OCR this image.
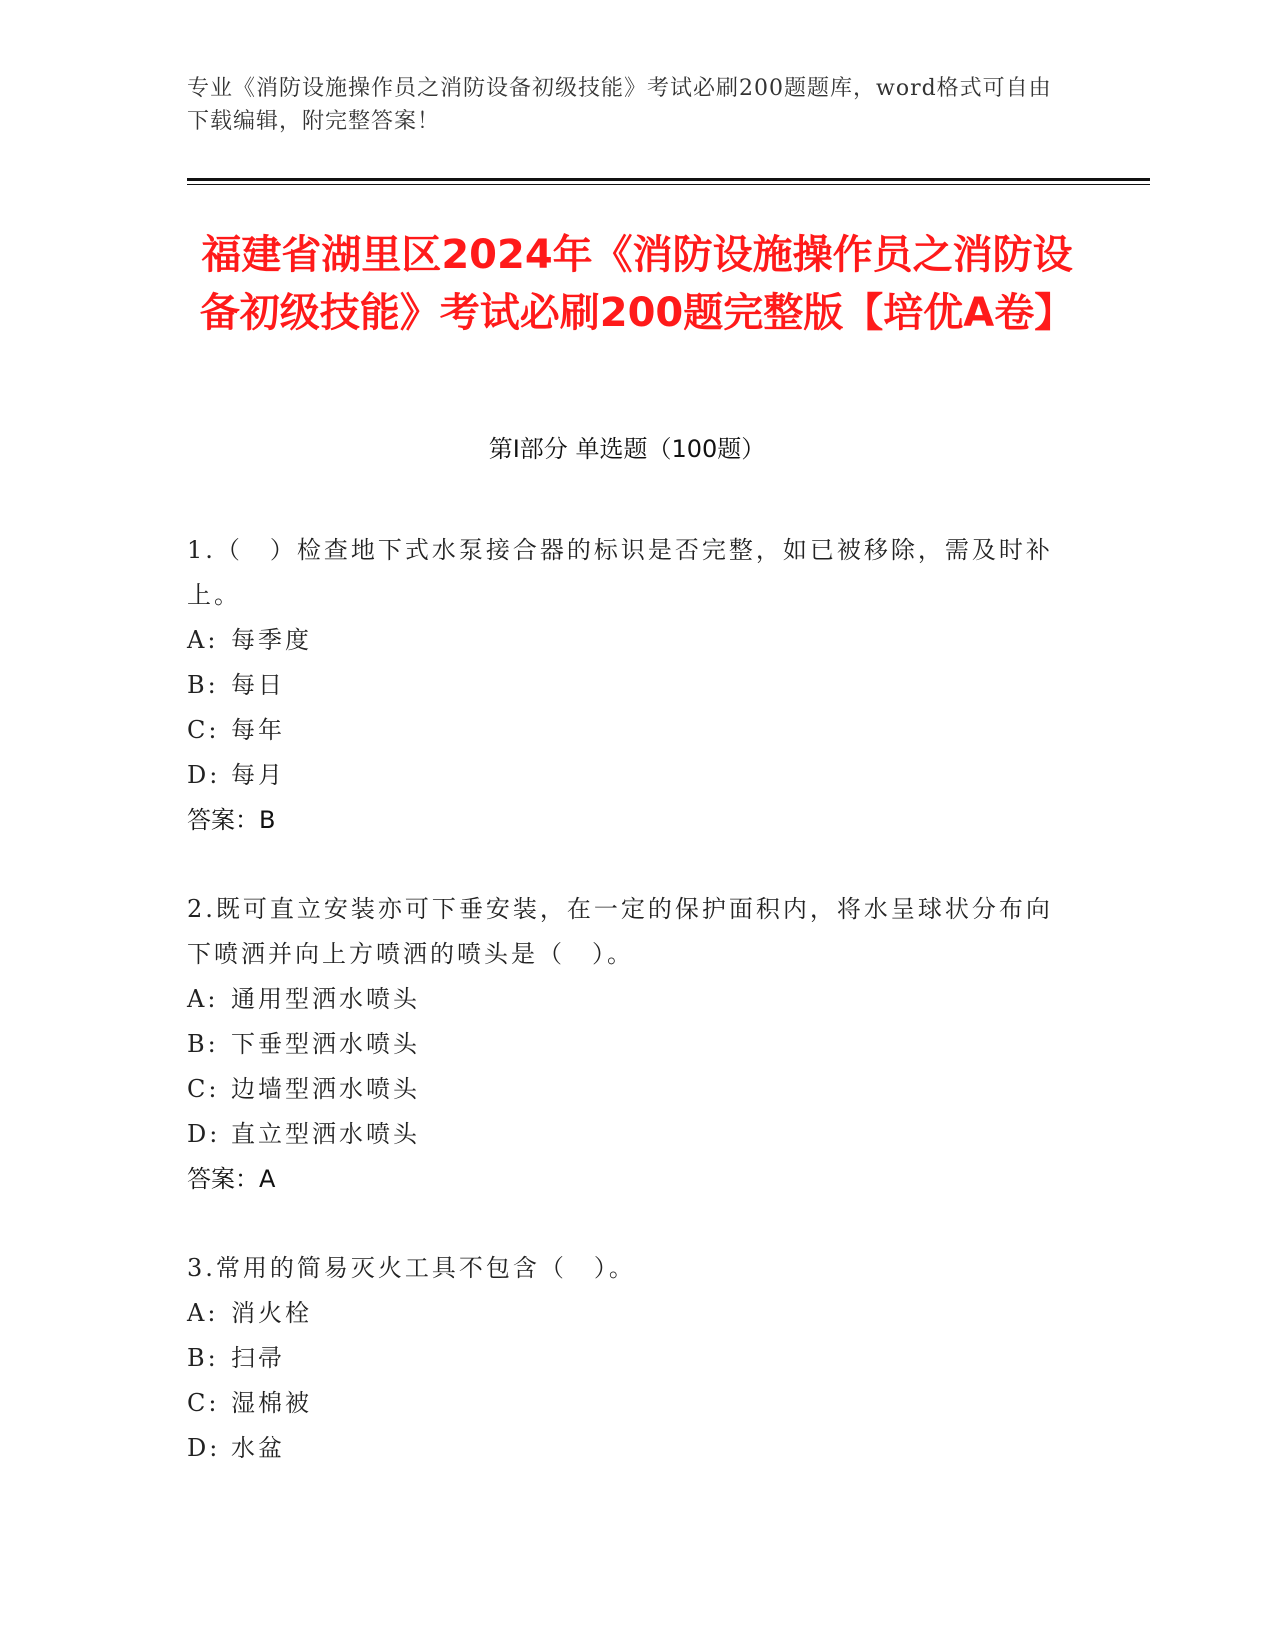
专业《消防设施操作员之消防设备初级技能》考试必刷200题题库，word格式可自由下载编辑，附完整答案！
福建省湖里区2024年《消防设施操作员之消防设备初级技能》考试必刷200题完整版【培优A卷】
第I部分 单选题（100题）
1.（　）检查地下式水泵接合器的标识是否完整，如已被移除，需及时补上。
A: 每季度
B: 每日
C: 每年
D: 每月
答案：B
2.既可直立安装亦可下垂安装，在一定的保护面积内，将水呈球状分布向下喷洒并向上方喷洒的喷头是（　）。
A: 通用型洒水喷头
B: 下垂型洒水喷头
C: 边墙型洒水喷头
D: 直立型洒水喷头
答案：A
3.常用的简易灭火工具不包含（　）。
A: 消火栓
B: 扫帚
C: 湿棉被
D: 水盆
